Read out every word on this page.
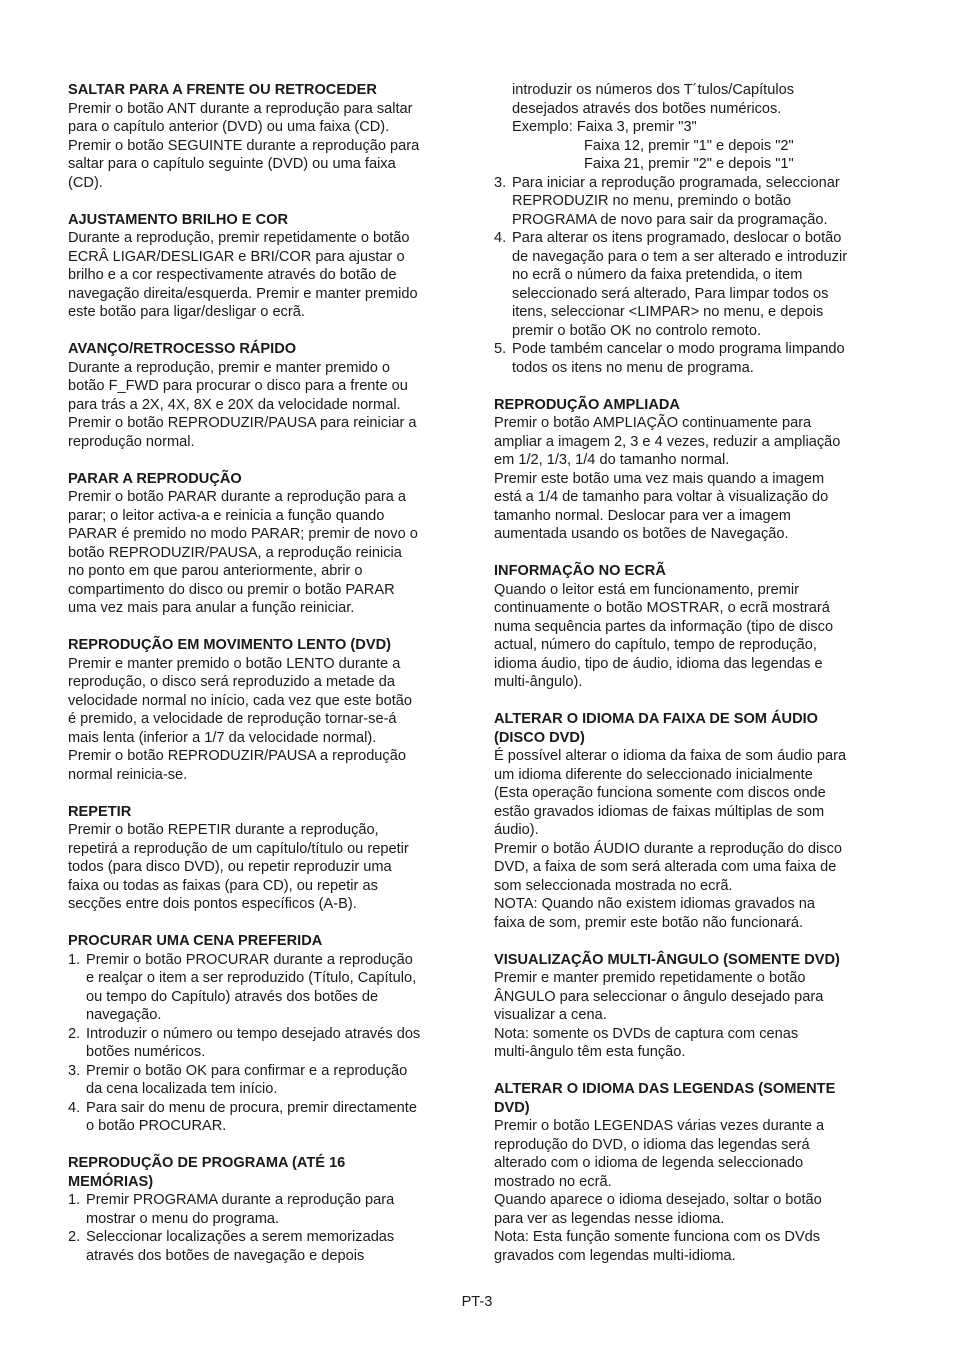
SALTAR PARA A FRENTE OU RETROCEDER
Premir o botão ANT durante a reprodução para saltar
para o capítulo anterior (DVD) ou uma faixa (CD).
Premir o botão SEGUINTE durante a reprodução para
saltar para o capítulo seguinte (DVD) ou uma faixa
(CD).
AJUSTAMENTO BRILHO E COR
Durante a reprodução, premir repetidamente o botão
ECRÂ LIGAR/DESLIGAR e BRI/COR para ajustar o
brilho e a cor respectivamente através do botão de
navegação direita/esquerda. Premir e manter premido
este botão para ligar/desligar o ecrã.
AVANÇO/RETROCESSO RÁPIDO
Durante a reprodução, premir e manter premido o
botão F_FWD para procurar o disco para a frente ou
para trás a 2X, 4X, 8X e 20X da velocidade normal.
Premir o botão REPRODUZIR/PAUSA para reiniciar a
reprodução normal.
PARAR A REPRODUÇÃO
Premir o botão PARAR durante a reprodução para a
parar; o leitor activa-a e reinicia a função quando
PARAR é premido no modo PARAR; premir de novo o
botão REPRODUZIR/PAUSA, a reprodução reinicia
no ponto em que parou anteriormente, abrir o
compartimento do disco ou premir o botão PARAR
uma vez mais para anular a função reiniciar.
REPRODUÇÃO EM MOVIMENTO LENTO (DVD)
Premir e manter premido o botão LENTO durante a
reprodução, o disco será reproduzido a metade da
velocidade normal no início, cada vez que este botão
é premido, a velocidade de reprodução tornar-se-á
mais lenta (inferior a 1/7 da velocidade normal).
Premir o botão REPRODUZIR/PAUSA a reprodução
normal reinicia-se.
REPETIR
Premir o botão REPETIR durante a reprodução,
repetirá a reprodução de um capítulo/título ou repetir
todos (para disco DVD), ou repetir reproduzir uma
faixa ou todas as faixas (para CD), ou repetir as
secções entre dois pontos específicos (A-B).
PROCURAR UMA CENA PREFERIDA
1. Premir o botão PROCURAR durante a reprodução
e realçar o item a ser reproduzido (Título, Capítulo,
ou tempo do Capítulo) através dos botões de
navegação.
2. Introduzir o número ou tempo desejado através dos
botões numéricos.
3. Premir o botão OK para confirmar e a reprodução
da cena localizada tem início.
4. Para sair do menu de procura, premir directamente
o botão PROCURAR.
REPRODUÇÃO DE PROGRAMA (ATÉ 16
MEMÓRIAS)
1. Premir PROGRAMA durante a reprodução para
mostrar o menu do programa.
2. Seleccionar localizações a serem memorizadas
através dos botões de navegação e depois
introduzir os números dos T´tulos/Capítulos
desejados através dos botões numéricos.
Exemplo: Faixa 3, premir "3"
Faixa 12, premir "1" e depois "2"
Faixa 21, premir "2" e depois "1"
3. Para iniciar a reprodução programada, seleccionar
REPRODUZIR no menu, premindo o botão
PROGRAMA de novo para sair da programação.
4. Para alterar os itens programado, deslocar o botão
de navegação para o tem a ser alterado e introduzir
no ecrã o número da faixa pretendida, o item
seleccionado será alterado, Para limpar todos os
itens, seleccionar <LIMPAR> no menu, e depois
premir o botão OK no controlo remoto.
5. Pode também cancelar o modo programa limpando
todos os itens no menu de programa.
REPRODUÇÃO AMPLIADA
Premir o botão AMPLIAÇÃO continuamente para
ampliar a imagem 2, 3 e 4 vezes, reduzir a ampliação
em 1/2, 1/3, 1/4 do tamanho normal.
Premir este botão uma vez mais quando a imagem
está a 1/4 de tamanho para voltar à visualização do
tamanho normal. Deslocar para ver a imagem
aumentada usando os botões de Navegação.
INFORMAÇÃO NO ECRÃ
Quando o leitor está em funcionamento, premir
continuamente o botão MOSTRAR, o ecrã mostrará
numa sequência partes da informação (tipo de disco
actual, número do capítulo, tempo de reprodução,
idioma áudio, tipo de áudio, idioma das legendas e
multi-ângulo).
ALTERAR O IDIOMA DA FAIXA DE SOM ÁUDIO
(DISCO DVD)
É possível alterar o idioma da faixa de som áudio para
um idioma diferente do seleccionado inicialmente
(Esta operação funciona somente com discos onde
estão gravados idiomas de faixas múltiplas de som
áudio).
Premir o botão ÁUDIO durante a reprodução do disco
DVD, a faixa de som será alterada com uma faixa de
som seleccionada mostrada no ecrã.
NOTA: Quando não existem idiomas gravados na
faixa de som, premir este botão não funcionará.
VISUALIZAÇÃO MULTI-ÂNGULO (SOMENTE DVD)
Premir e manter premido repetidamente o botão
ÂNGULO para seleccionar o ângulo desejado para
visualizar a cena.
Nota: somente os DVDs de captura com cenas
multi-ângulo têm esta função.
ALTERAR O IDIOMA DAS LEGENDAS (SOMENTE
DVD)
Premir o botão LEGENDAS várias vezes durante a
reprodução do DVD, o idioma das legendas será
alterado com o idioma de legenda seleccionado
mostrado no ecrã.
Quando aparece o idioma desejado, soltar o botão
para ver as legendas nesse idioma.
Nota: Esta função somente funciona com os DVds
gravados com legendas multi-idioma.
PT-3
